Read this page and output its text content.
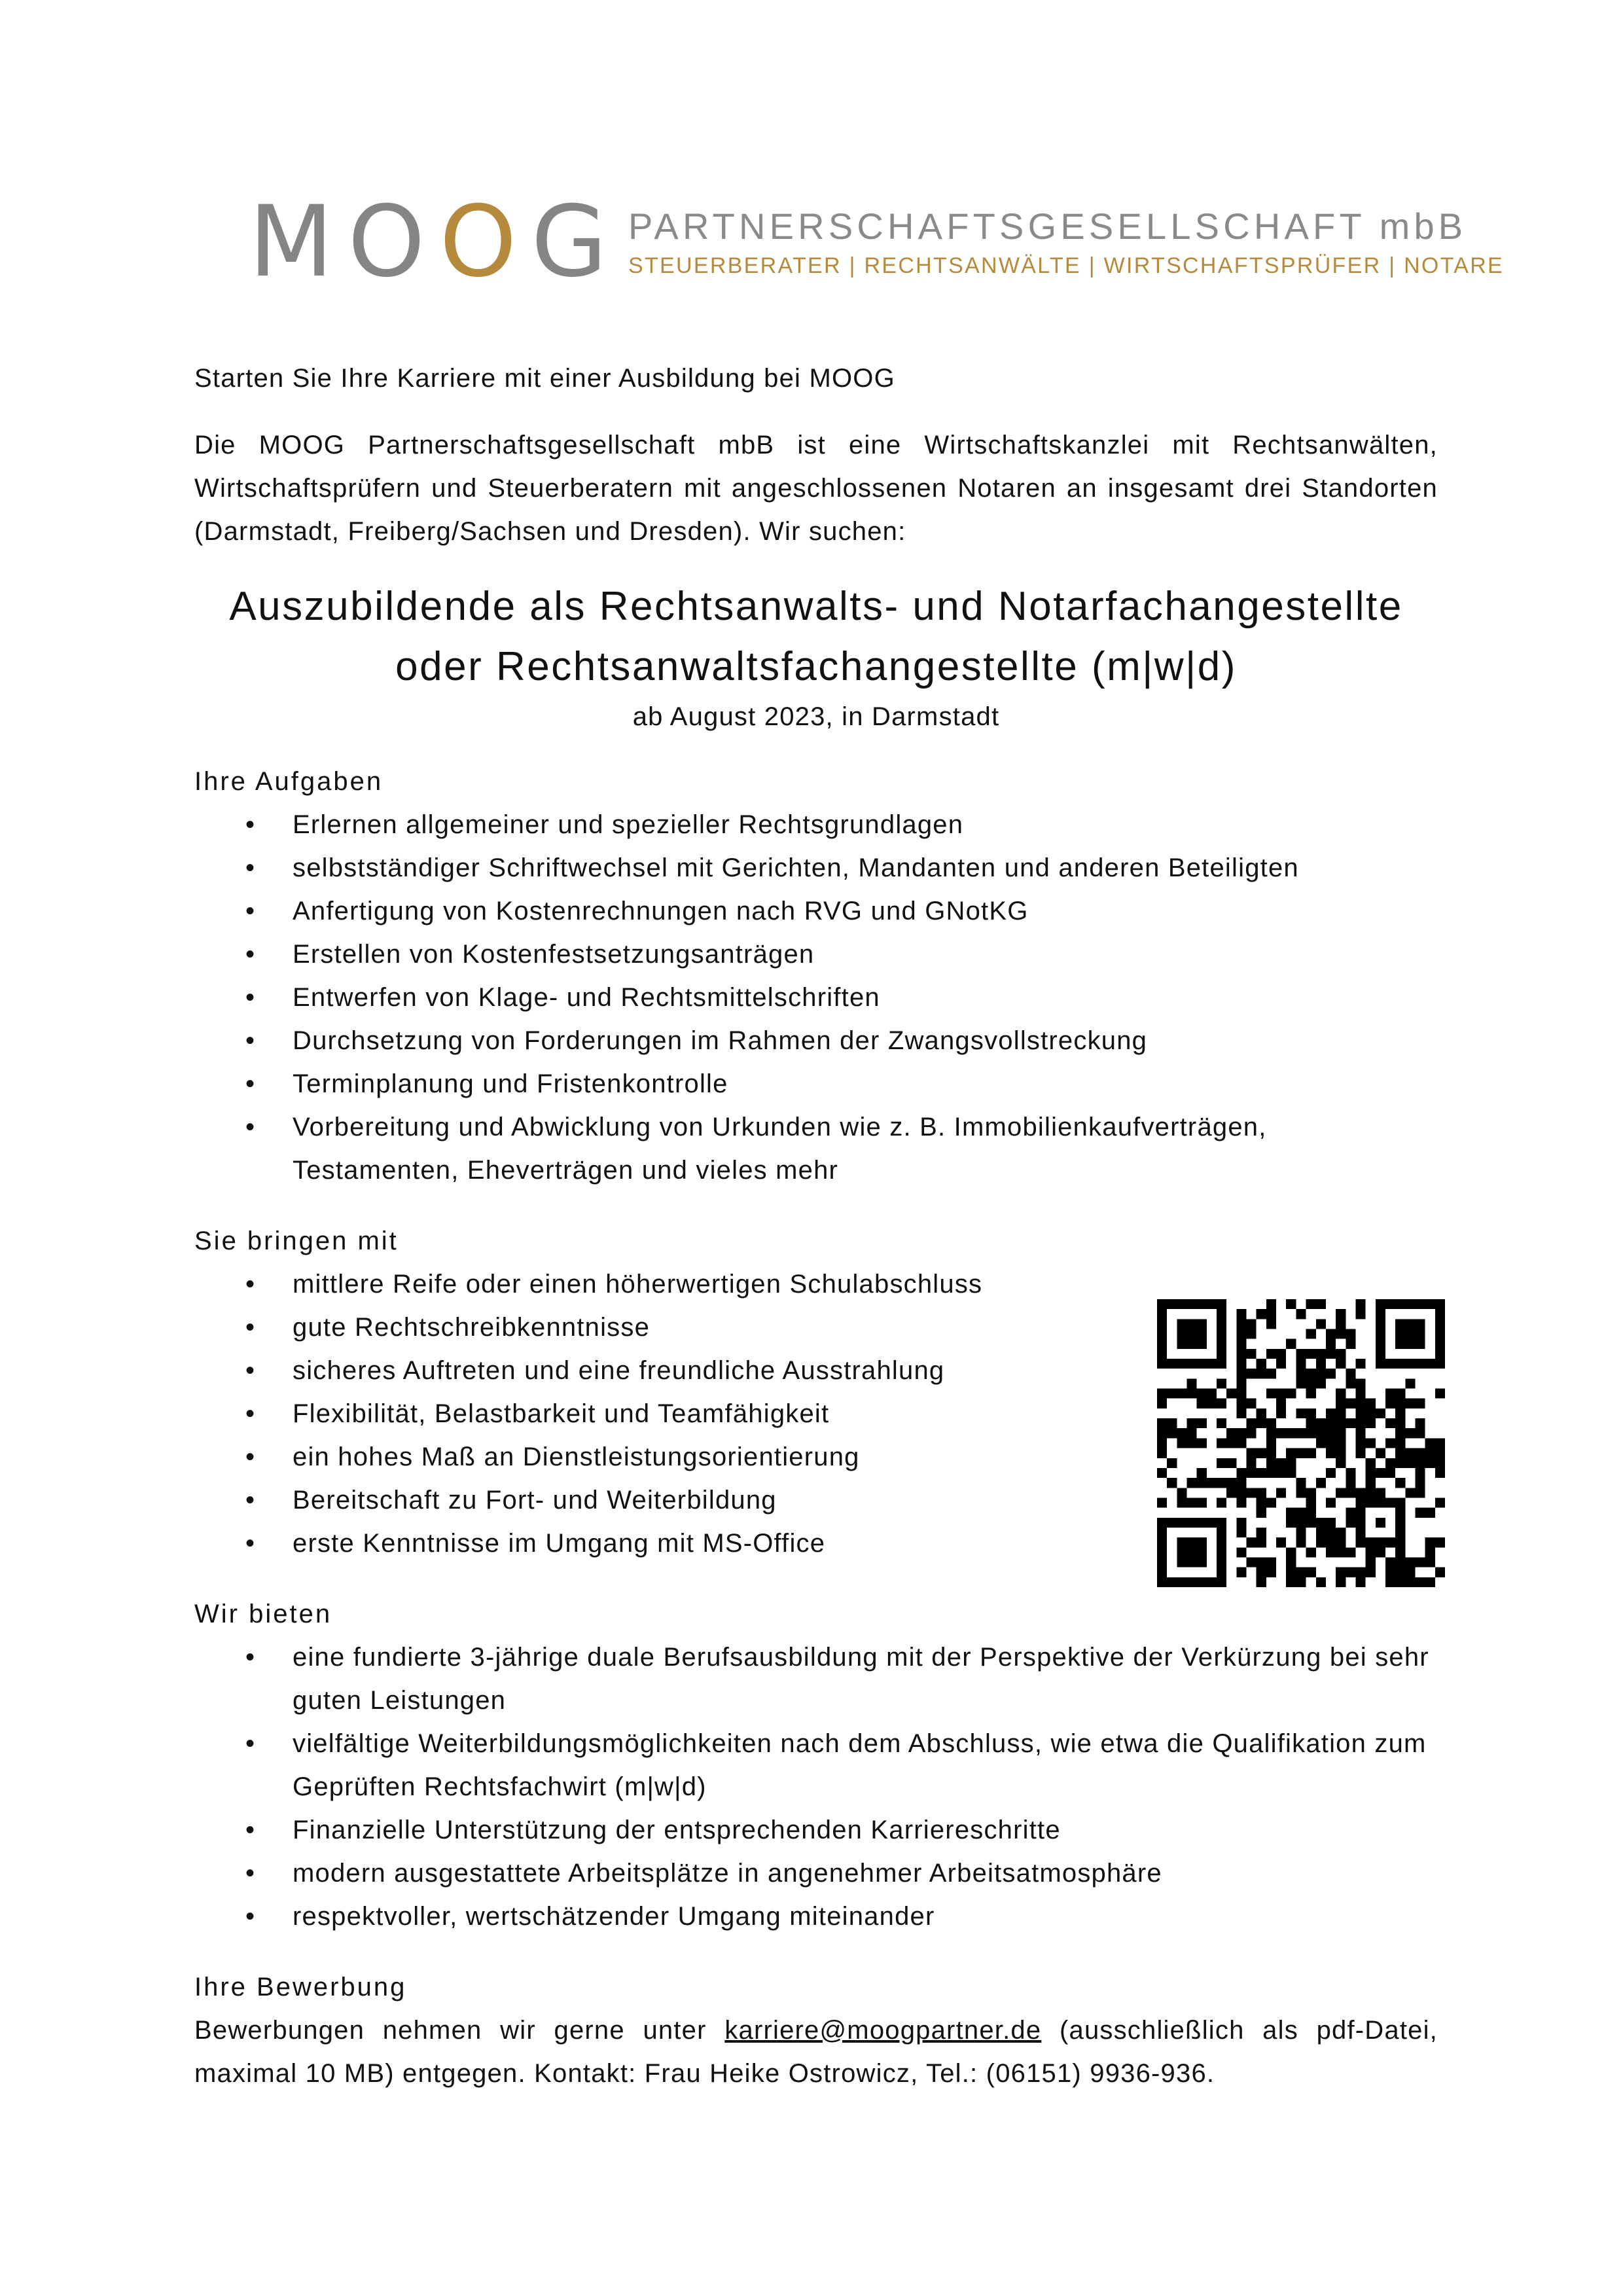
MOOG PARTNERSCHAFTSGESELLSCHAFT mbB
STEUERBERATER | RECHTSANWÄLTE | WIRTSCHAFTSPRÜFER | NOTARE

Starten Sie Ihre Karriere mit einer Ausbildung bei MOOG

Die MOOG Partnerschaftsgesellschaft mbB ist eine Wirtschaftskanzlei mit Rechtsanwälten, Wirtschaftsprüfern und Steuerberatern mit angeschlossenen Notaren an insgesamt drei Standorten (Darmstadt, Freiberg/Sachsen und Dresden). Wir suchen:

Auszubildende als Rechtsanwalts- und Notarfachangestellte
oder Rechtsanwaltsfachangestellte (m|w|d)

ab August 2023, in Darmstadt

Ihre Aufgaben
• Erlernen allgemeiner und spezieller Rechtsgrundlagen
• selbstständiger Schriftwechsel mit Gerichten, Mandanten und anderen Beteiligten
• Anfertigung von Kostenrechnungen nach RVG und GNotKG
• Erstellen von Kostenfestsetzungsanträgen
• Entwerfen von Klage- und Rechtsmittelschriften
• Durchsetzung von Forderungen im Rahmen der Zwangsvollstreckung
• Terminplanung und Fristenkontrolle
• Vorbereitung und Abwicklung von Urkunden wie z. B. Immobilienkaufverträgen, Testamenten, Eheverträgen und vieles mehr
Sie bringen mit
• mittlere Reife oder einen höherwertigen Schulabschluss
• gute Rechtschreibkenntnisse
• sicheres Auftreten und eine freundliche Ausstrahlung
• Flexibilität, Belastbarkeit und Teamfähigkeit
• ein hohes Maß an Dienstleistungsorientierung
• Bereitschaft zu Fort- und Weiterbildung
• erste Kenntnisse im Umgang mit MS-Office
Wir bieten
• eine fundierte 3-jährige duale Berufsausbildung mit der Perspektive der Verkürzung bei sehr guten Leistungen
• vielfältige Weiterbildungsmöglichkeiten nach dem Abschluss, wie etwa die Qualifikation zum Geprüften Rechtsfachwirt (m|w|d)
• Finanzielle Unterstützung der entsprechenden Karriereschritte
• modern ausgestattete Arbeitsplätze in angenehmer Arbeitsatmosphäre
• respektvoller, wertschätzender Umgang miteinander
Ihre Bewerbung

Bewerbungen nehmen wir gerne unter karriere@moogpartner.de (ausschließlich als pdf-Datei, maximal 10 MB) entgegen. Kontakt: Frau Heike Ostrowicz, Tel.: (06151) 9936-936.
